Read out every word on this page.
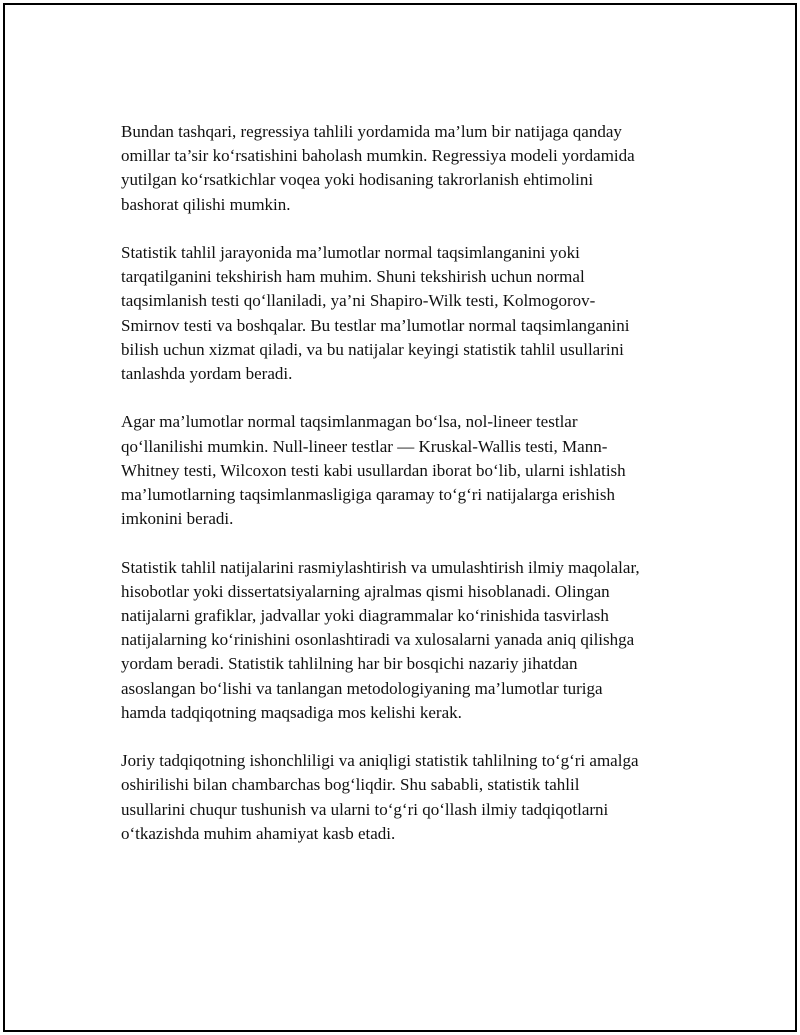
Bundan tashqari, regressiya tahlili yordamida ma’lum bir natijaga qanday
omillar ta’sir ko‘rsatishini baholash mumkin. Regressiya modeli yordamida
yutilgan ko‘rsatkichlar voqea yoki hodisaning takrorlanish ehtimolini
bashorat qilishi mumkin.

Statistik tahlil jarayonida ma’lumotlar normal taqsimlanganini yoki
tarqatilganini tekshirish ham muhim. Shuni tekshirish uchun normal
taqsimlanish testi qo‘llaniladi, ya’ni Shapiro-Wilk testi, Kolmogorov-
Smirnov testi va boshqalar. Bu testlar ma’lumotlar normal taqsimlanganini
bilish uchun xizmat qiladi, va bu natijalar keyingi statistik tahlil usullarini
tanlashda yordam beradi.

Agar ma’lumotlar normal taqsimlanmagan bo‘lsa, nol-lineer testlar
qo‘llanilishi mumkin. Null-lineer testlar — Kruskal-Wallis testi, Mann-
Whitney testi, Wilcoxon testi kabi usullardan iborat bo‘lib, ularni ishlatish
ma’lumotlarning taqsimlanmasligiga qaramay to‘g‘ri natijalarga erishish
imkonini beradi.

Statistik tahlil natijalarini rasmiylashtirish va umulashtirish ilmiy maqolalar,
hisobotlar yoki dissertatsiyalarning ajralmas qismi hisoblanadi. Olingan
natijalarni grafiklar, jadvallar yoki diagrammalar ko‘rinishida tasvirlash
natijalarning ko‘rinishini osonlashtiradi va xulosalarni yanada aniq qilishga
yordam beradi. Statistik tahlilning har bir bosqichi nazariy jihatdan
asoslangan bo‘lishi va tanlangan metodologiyaning ma’lumotlar turiga
hamda tadqiqotning maqsadiga mos kelishi kerak.

Joriy tadqiqotning ishonchliligi va aniqligi statistik tahlilning to‘g‘ri amalga
oshirilishi bilan chambarchas bog‘liqdir. Shu sababli, statistik tahlil
usullarini chuqur tushunish va ularni to‘g‘ri qo‘llash ilmiy tadqiqotlarni
o‘tkazishda muhim ahamiyat kasb etadi.
